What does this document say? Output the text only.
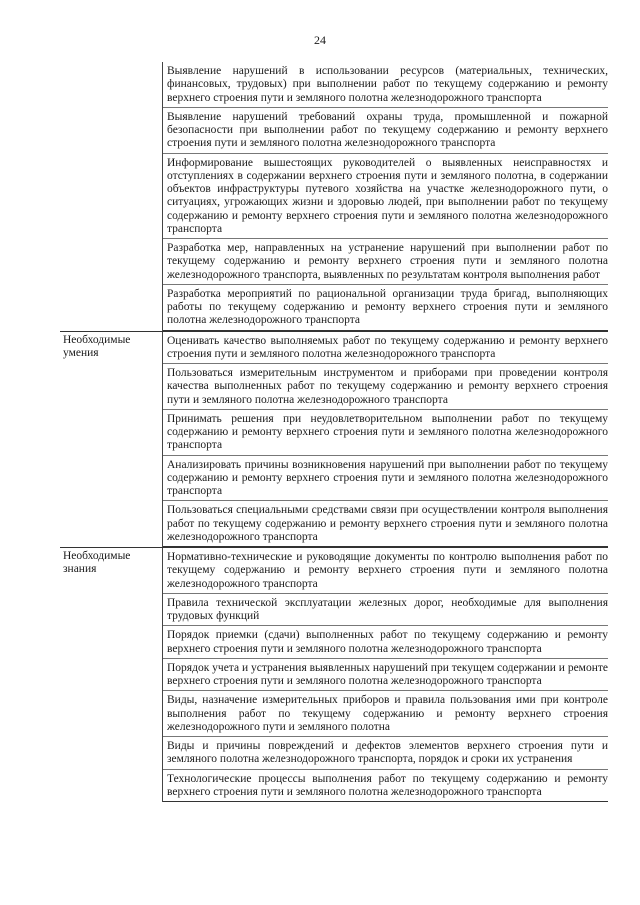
24
Выявление нарушений в использовании ресурсов (материальных, технических, финансовых, трудовых) при выполнении работ по текущему содержанию и ремонту верхнего строения пути и земляного полотна железнодорожного транспорта
Выявление нарушений требований охраны труда, промышленной и пожарной безопасности при выполнении работ по текущему содержанию и ремонту верхнего строения пути и земляного полотна железнодорожного транспорта
Информирование вышестоящих руководителей о выявленных неисправностях и отступлениях в содержании верхнего строения пути и земляного полотна, в содержании объектов инфраструктуры путевого хозяйства на участке железнодорожного пути, о ситуациях, угрожающих жизни и здоровью людей, при выполнении работ по текущему содержанию и ремонту верхнего строения пути и земляного полотна железнодорожного транспорта
Разработка мер, направленных на устранение нарушений при выполнении работ по текущему содержанию и ремонту верхнего строения пути и земляного полотна железнодорожного транспорта, выявленных по результатам контроля выполнения работ
Разработка мероприятий по рациональной организации труда бригад, выполняющих работы по текущему содержанию и ремонту верхнего строения пути и земляного полотна железнодорожного транспорта
Необходимые умения
Оценивать качество выполняемых работ по текущему содержанию и ремонту верхнего строения пути и земляного полотна железнодорожного транспорта
Пользоваться измерительным инструментом и приборами при проведении контроля качества выполненных работ по текущему содержанию и ремонту верхнего строения пути и земляного полотна железнодорожного транспорта
Принимать решения при неудовлетворительном выполнении работ по текущему содержанию и ремонту верхнего строения пути и земляного полотна железнодорожного транспорта
Анализировать причины возникновения нарушений при выполнении работ по текущему содержанию и ремонту верхнего строения пути и земляного полотна железнодорожного транспорта
Пользоваться специальными средствами связи при осуществлении контроля выполнения работ по текущему содержанию и ремонту верхнего строения пути и земляного полотна железнодорожного транспорта
Необходимые знания
Нормативно-технические и руководящие документы по контролю выполнения работ по текущему содержанию и ремонту верхнего строения пути и земляного полотна железнодорожного транспорта
Правила технической эксплуатации железных дорог, необходимые для выполнения трудовых функций
Порядок приемки (сдачи) выполненных работ по текущему содержанию и ремонту верхнего строения пути и земляного полотна железнодорожного транспорта
Порядок учета и устранения выявленных нарушений при текущем содержании и ремонте верхнего строения пути и земляного полотна железнодорожного транспорта
Виды, назначение измерительных приборов и правила пользования ими при контроле выполнения работ по текущему содержанию и ремонту верхнего строения железнодорожного пути и земляного полотна
Виды и причины повреждений и дефектов элементов верхнего строения пути и земляного полотна железнодорожного транспорта, порядок и сроки их устранения
Технологические процессы выполнения работ по текущему содержанию и ремонту верхнего строения пути и земляного полотна железнодорожного транспорта
